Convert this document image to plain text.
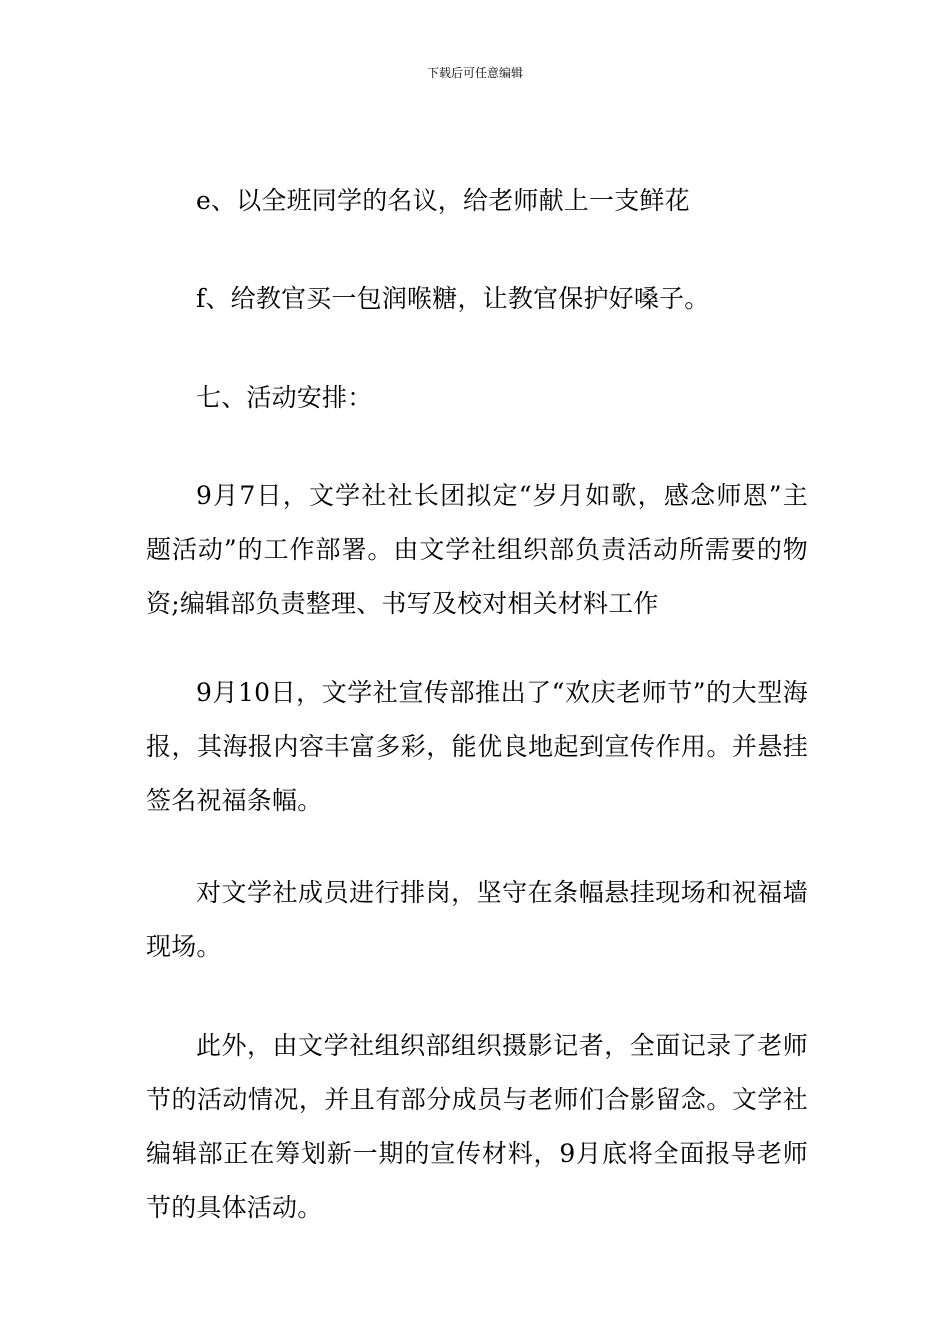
下载后可任意编辑

e、以全班同学的名议，给老师献上一支鲜花

f、给教官买一包润喉糖，让教官保护好嗓子。

七、活动安排：

9月7日，文学社社长团拟定“岁月如歌，感念师恩”主题活动”的工作部署。由文学社组织部负责活动所需要的物资;编辑部负责整理、书写及校对相关材料工作

9月10日，文学社宣传部推出了“欢庆老师节”的大型海报，其海报内容丰富多彩，能优良地起到宣传作用。并悬挂签名祝福条幅。

对文学社成员进行排岗，坚守在条幅悬挂现场和祝福墙现场。

此外，由文学社组织部组织摄影记者，全面记录了老师节的活动情况，并且有部分成员与老师们合影留念。文学社编辑部正在筹划新一期的宣传材料，9月底将全面报导老师节的具体活动。
